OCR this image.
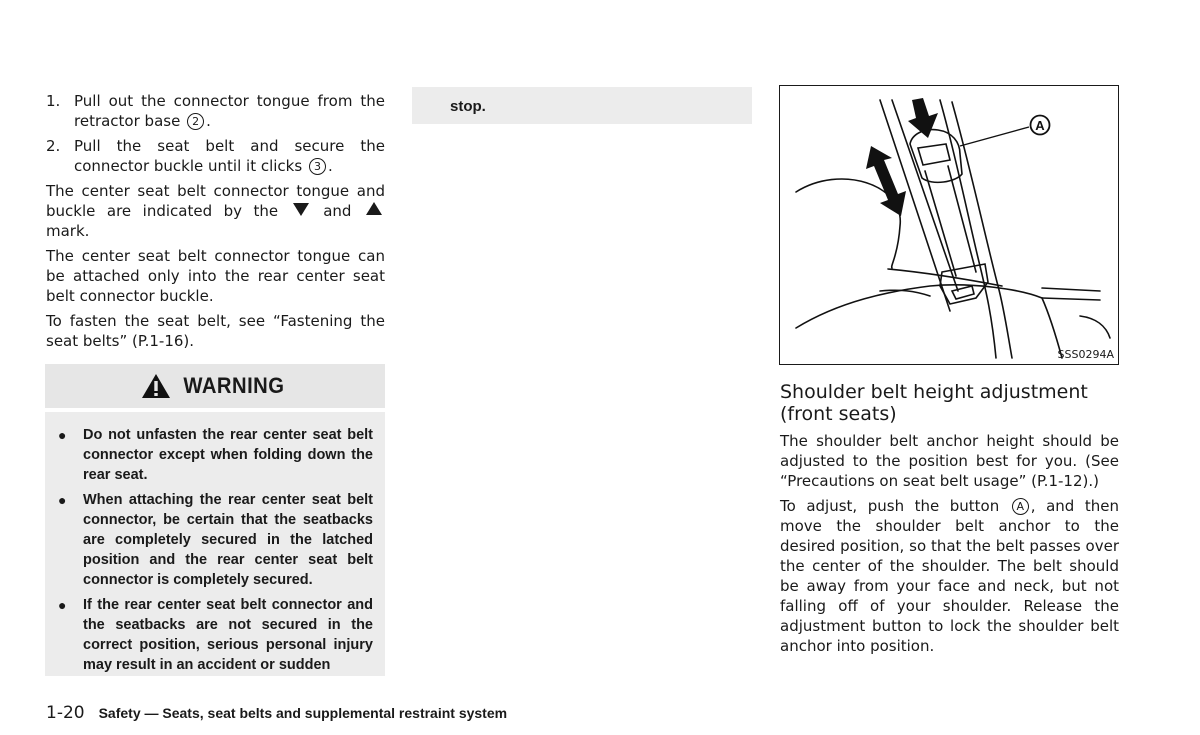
1. Pull out the connector tongue from the retractor base 2 .

2. Pull the seat belt and secure the connector buckle until it clicks 3 .

The center seat belt connector tongue and buckle are indicated by the	and  mark.

The center seat belt connector tongue can be attached only into the rear center seat belt connector buckle.

To fasten the seat belt, see “Fastening the seat belts” (P.1-16).

WARNING
● Do not unfasten the rear center seat belt connector except when folding down the rear seat.
● When attaching the rear center seat belt connector, be certain that the seatbacks are completely secured in the latched position and the rear center seat belt connector is completely secured.
● If the rear center seat belt connector and the seatbacks are not secured in the correct position, serious personal injury may result in an accident or sudden
stop.
A
SSS0294A
Shoulder belt height adjustment (front seats)

The shoulder belt anchor height should be adjusted to the position best for you. (See “Precautions on seat belt usage” (P.1-12).)

To adjust, push the button A , and then move the shoulder belt anchor to the desired position, so that the belt passes over the center of the shoulder. The belt should be away from your face and neck, but not falling off of your shoulder. Release the adjustment button to lock the shoulder belt anchor into position.

1-20 Safety — Seats, seat belts and supplemental restraint system
